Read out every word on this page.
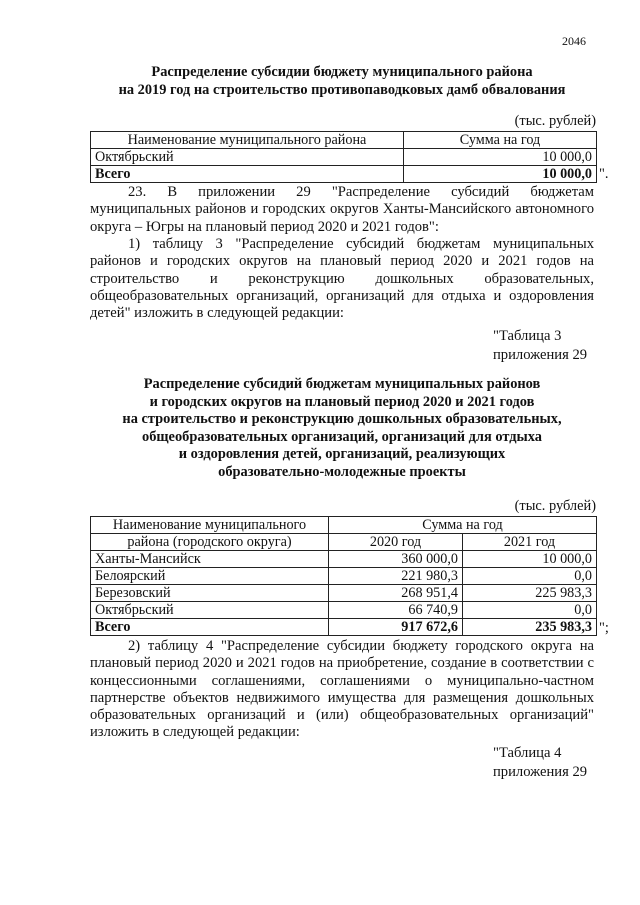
2046
Распределение субсидии бюджету муниципального района
на 2019 год на строительство противопаводковых дамб обвалования
(тыс. рублей)
Наименование муниципального района	Сумма на год
Октябрьский	10 000,0
Всего	10 000,0 ".
23. В приложении 29 "Распределение субсидий бюджетам муниципальных районов и городских округов Ханты-Мансийского автономного округа – Югры на плановый период 2020 и 2021 годов":
1) таблицу 3 "Распределение субсидий бюджетам муниципальных районов и городских округов на плановый период 2020 и 2021 годов на строительство и реконструкцию дошкольных образовательных, общеобразовательных организаций, организаций для отдыха и оздоровления детей" изложить в следующей редакции:
"Таблица 3
приложения 29
Распределение субсидий бюджетам муниципальных районов
и городских округов на плановый период 2020 и 2021 годов
на строительство и реконструкцию дошкольных образовательных,
общеобразовательных организаций, организаций для отдыха
и оздоровления детей, организаций, реализующих
образовательно-молодежные проекты
(тыс. рублей)
Наименование муниципального	Сумма на год	
района (городского округа)	2020 год	2021 год
Ханты-Мансийск	360 000,0	10 000,0
Белоярский	221 980,3	0,0
Березовский	268 951,4	225 983,3
Октябрьский	66 740,9	0,0
Всего	917 672,6	235 983,3 ";
2) таблицу 4 "Распределение субсидии бюджету городского округа на плановый период 2020 и 2021 годов на приобретение, создание в соответствии с концессионными соглашениями, соглашениями о муниципально-частном партнерстве объектов недвижимого имущества для размещения дошкольных образовательных организаций и (или) общеобразовательных организаций" изложить в следующей редакции:
"Таблица 4
приложения 29
